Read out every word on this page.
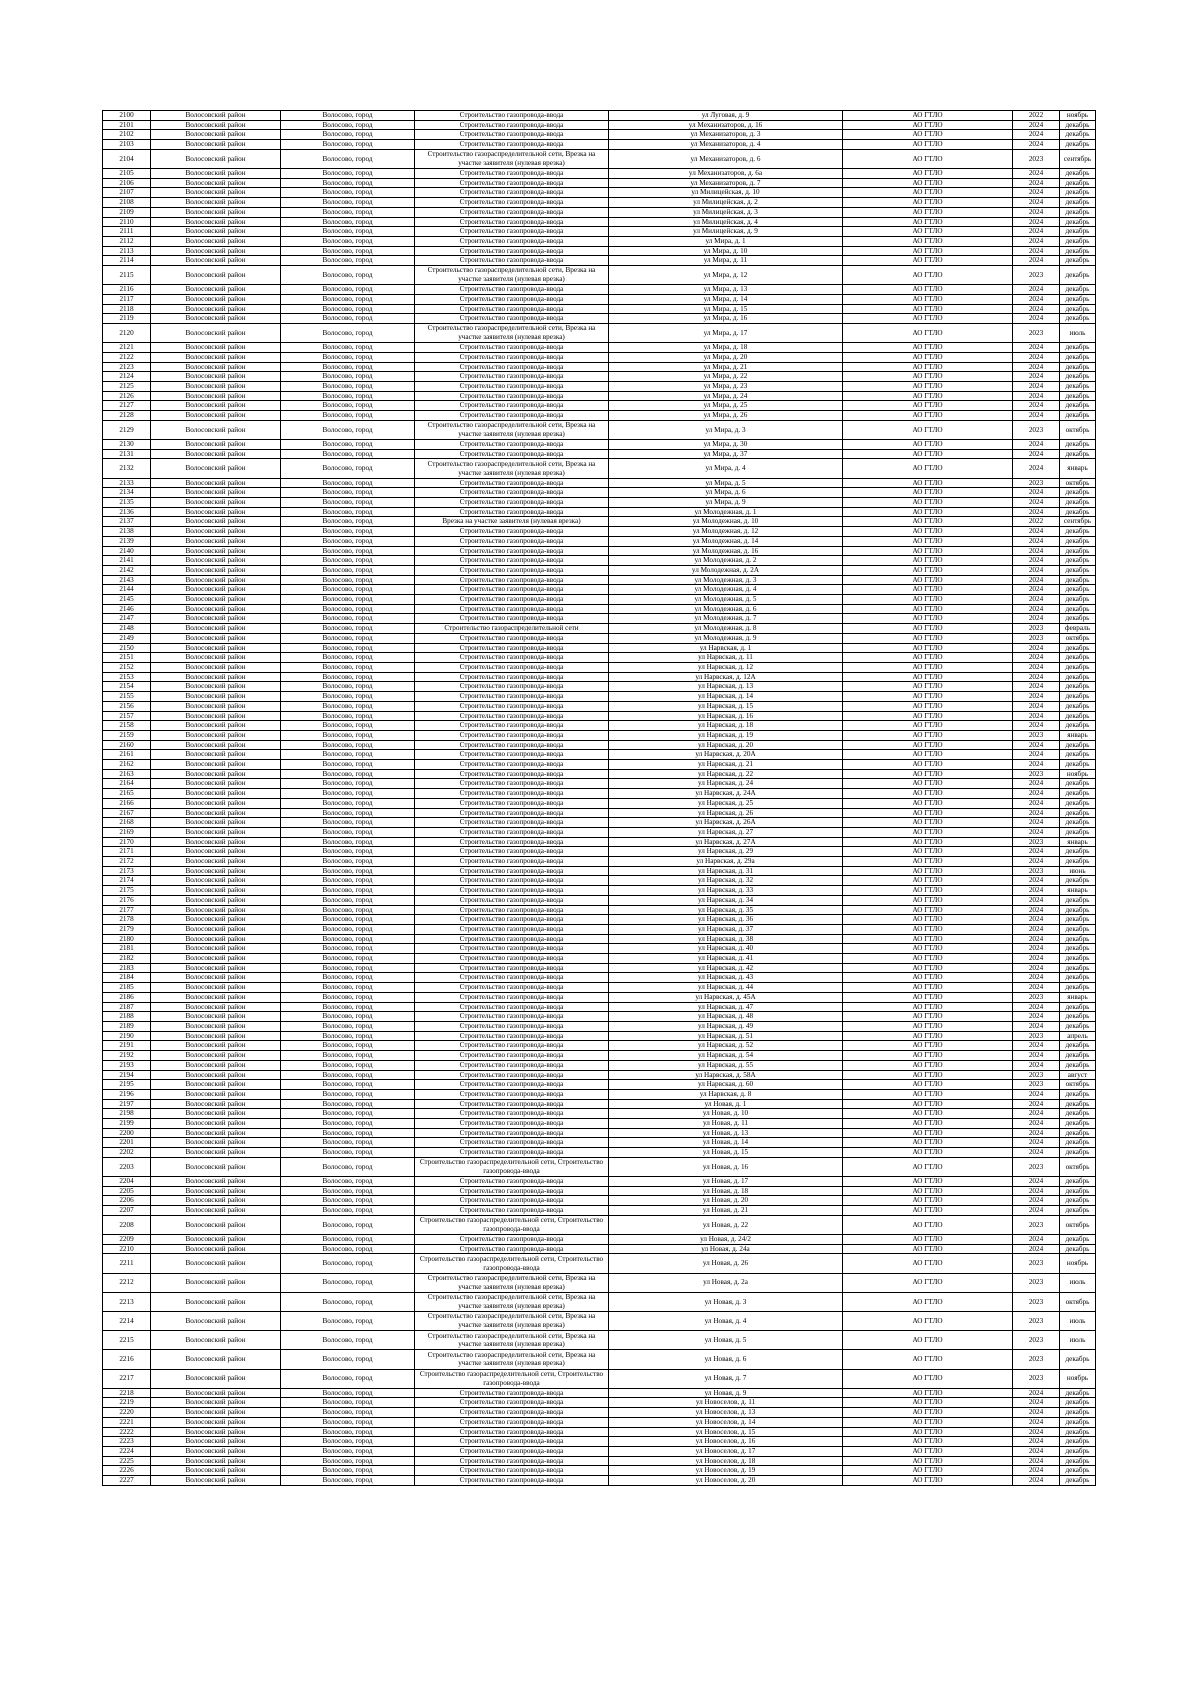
2100	Волосовский район	Волосово, город	Строительство газопровода-ввода	ул Луговая, д. 9	АО ГТЛО	2022	ноябрь
2101	Волосовский район	Волосово, город	Строительство газопровода-ввода	ул Механизаторов, д. 16	АО ГТЛО	2024	декабрь
2102	Волосовский район	Волосово, город	Строительство газопровода-ввода	ул Механизаторов, д. 3	АО ГТЛО	2024	декабрь
2103	Волосовский район	Волосово, город	Строительство газопровода-ввода	ул Механизаторов, д. 4	АО ГТЛО	2024	декабрь
2104	Волосовский район	Волосово, город	Строительство газораспределительной сети, Врезка на участке заявителя (нулевая врезка)	ул Механизаторов, д. 6	АО ГТЛО	2023	сентябрь
2105	Волосовский район	Волосово, город	Строительство газопровода-ввода	ул Механизаторов, д. 6а	АО ГТЛО	2024	декабрь
2106	Волосовский район	Волосово, город	Строительство газопровода-ввода	ул Механизаторов, д. 7	АО ГТЛО	2024	декабрь
2107	Волосовский район	Волосово, город	Строительство газопровода-ввода	ул Милицейская, д. 10	АО ГТЛО	2024	декабрь
2108	Волосовский район	Волосово, город	Строительство газопровода-ввода	ул Милицейская, д. 2	АО ГТЛО	2024	декабрь
2109	Волосовский район	Волосово, город	Строительство газопровода-ввода	ул Милицейская, д. 3	АО ГТЛО	2024	декабрь
2110	Волосовский район	Волосово, город	Строительство газопровода-ввода	ул Милицейская, д. 4	АО ГТЛО	2024	декабрь
2111	Волосовский район	Волосово, город	Строительство газопровода-ввода	ул Милицейская, д. 9	АО ГТЛО	2024	декабрь
2112	Волосовский район	Волосово, город	Строительство газопровода-ввода	ул Мира, д. 1	АО ГТЛО	2024	декабрь
2113	Волосовский район	Волосово, город	Строительство газопровода-ввода	ул Мира, д. 10	АО ГТЛО	2024	декабрь
2114	Волосовский район	Волосово, город	Строительство газопровода-ввода	ул Мира, д. 11	АО ГТЛО	2024	декабрь
2115	Волосовский район	Волосово, город	Строительство газораспределительной сети, Врезка на участке заявителя (нулевая врезка)	ул Мира, д. 12	АО ГТЛО	2023	декабрь
2116	Волосовский район	Волосово, город	Строительство газопровода-ввода	ул Мира, д. 13	АО ГТЛО	2024	декабрь
2117	Волосовский район	Волосово, город	Строительство газопровода-ввода	ул Мира, д. 14	АО ГТЛО	2024	декабрь
2118	Волосовский район	Волосово, город	Строительство газопровода-ввода	ул Мира, д. 15	АО ГТЛО	2024	декабрь
2119	Волосовский район	Волосово, город	Строительство газопровода-ввода	ул Мира, д. 16	АО ГТЛО	2024	декабрь
2120	Волосовский район	Волосово, город	Строительство газораспределительной сети, Врезка на участке заявителя (нулевая врезка)	ул Мира, д. 17	АО ГТЛО	2023	июль
2121	Волосовский район	Волосово, город	Строительство газопровода-ввода	ул Мира, д. 18	АО ГТЛО	2024	декабрь
2122	Волосовский район	Волосово, город	Строительство газопровода-ввода	ул Мира, д. 20	АО ГТЛО	2024	декабрь
2123	Волосовский район	Волосово, город	Строительство газопровода-ввода	ул Мира, д. 21	АО ГТЛО	2024	декабрь
2124	Волосовский район	Волосово, город	Строительство газопровода-ввода	ул Мира, д. 22	АО ГТЛО	2024	декабрь
2125	Волосовский район	Волосово, город	Строительство газопровода-ввода	ул Мира, д. 23	АО ГТЛО	2024	декабрь
2126	Волосовский район	Волосово, город	Строительство газопровода-ввода	ул Мира, д. 24	АО ГТЛО	2024	декабрь
2127	Волосовский район	Волосово, город	Строительство газопровода-ввода	ул Мира, д. 25	АО ГТЛО	2024	декабрь
2128	Волосовский район	Волосово, город	Строительство газопровода-ввода	ул Мира, д. 26	АО ГТЛО	2024	декабрь
2129	Волосовский район	Волосово, город	Строительство газораспределительной сети, Врезка на участке заявителя (нулевая врезка)	ул Мира, д. 3	АО ГТЛО	2023	октябрь
2130	Волосовский район	Волосово, город	Строительство газопровода-ввода	ул Мира, д. 30	АО ГТЛО	2024	декабрь
2131	Волосовский район	Волосово, город	Строительство газопровода-ввода	ул Мира, д. 37	АО ГТЛО	2024	декабрь
2132	Волосовский район	Волосово, город	Строительство газораспределительной сети, Врезка на участке заявителя (нулевая врезка)	ул Мира, д. 4	АО ГТЛО	2024	январь
2133	Волосовский район	Волосово, город	Строительство газопровода-ввода	ул Мира, д. 5	АО ГТЛО	2023	октябрь
2134	Волосовский район	Волосово, город	Строительство газопровода-ввода	ул Мира, д. 6	АО ГТЛО	2024	декабрь
2135	Волосовский район	Волосово, город	Строительство газопровода-ввода	ул Мира, д. 9	АО ГТЛО	2024	декабрь
2136	Волосовский район	Волосово, город	Строительство газопровода-ввода	ул Молодежная, д. 1	АО ГТЛО	2024	декабрь
2137	Волосовский район	Волосово, город	Врезка на участке заявителя (нулевая врезка)	ул Молодежная, д. 10	АО ГТЛО	2022	сентябрь
2138	Волосовский район	Волосово, город	Строительство газопровода-ввода	ул Молодежная, д. 12	АО ГТЛО	2024	декабрь
2139	Волосовский район	Волосово, город	Строительство газопровода-ввода	ул Молодежная, д. 14	АО ГТЛО	2024	декабрь
2140	Волосовский район	Волосово, город	Строительство газопровода-ввода	ул Молодежная, д. 16	АО ГТЛО	2024	декабрь
2141	Волосовский район	Волосово, город	Строительство газопровода-ввода	ул Молодежная, д. 2	АО ГТЛО	2024	декабрь
2142	Волосовский район	Волосово, город	Строительство газопровода-ввода	ул Молодежная, д. 2А	АО ГТЛО	2024	декабрь
2143	Волосовский район	Волосово, город	Строительство газопровода-ввода	ул Молодежная, д. 3	АО ГТЛО	2024	декабрь
2144	Волосовский район	Волосово, город	Строительство газопровода-ввода	ул Молодежная, д. 4	АО ГТЛО	2024	декабрь
2145	Волосовский район	Волосово, город	Строительство газопровода-ввода	ул Молодежная, д. 5	АО ГТЛО	2024	декабрь
2146	Волосовский район	Волосово, город	Строительство газопровода-ввода	ул Молодежная, д. 6	АО ГТЛО	2024	декабрь
2147	Волосовский район	Волосово, город	Строительство газопровода-ввода	ул Молодежная, д. 7	АО ГТЛО	2024	декабрь
2148	Волосовский район	Волосово, город	Строительство газораспределительной сети	ул Молодежная, д. 8	АО ГТЛО	2023	февраль
2149	Волосовский район	Волосово, город	Строительство газопровода-ввода	ул Молодежная, д. 9	АО ГТЛО	2023	октябрь
2150	Волосовский район	Волосово, город	Строительство газопровода-ввода	ул Нарвская, д. 1	АО ГТЛО	2024	декабрь
2151	Волосовский район	Волосово, город	Строительство газопровода-ввода	ул Нарвская, д. 11	АО ГТЛО	2024	декабрь
2152	Волосовский район	Волосово, город	Строительство газопровода-ввода	ул Нарвская, д. 12	АО ГТЛО	2024	декабрь
2153	Волосовский район	Волосово, город	Строительство газопровода-ввода	ул Нарвская, д. 12А	АО ГТЛО	2024	декабрь
2154	Волосовский район	Волосово, город	Строительство газопровода-ввода	ул Нарвская, д. 13	АО ГТЛО	2024	декабрь
2155	Волосовский район	Волосово, город	Строительство газопровода-ввода	ул Нарвская, д. 14	АО ГТЛО	2024	декабрь
2156	Волосовский район	Волосово, город	Строительство газопровода-ввода	ул Нарвская, д. 15	АО ГТЛО	2024	декабрь
2157	Волосовский район	Волосово, город	Строительство газопровода-ввода	ул Нарвская, д. 16	АО ГТЛО	2024	декабрь
2158	Волосовский район	Волосово, город	Строительство газопровода-ввода	ул Нарвская, д. 18	АО ГТЛО	2024	декабрь
2159	Волосовский район	Волосово, город	Строительство газопровода-ввода	ул Нарвская, д. 19	АО ГТЛО	2023	январь
2160	Волосовский район	Волосово, город	Строительство газопровода-ввода	ул Нарвская, д. 20	АО ГТЛО	2024	декабрь
2161	Волосовский район	Волосово, город	Строительство газопровода-ввода	ул Нарвская, д. 20А	АО ГТЛО	2024	декабрь
2162	Волосовский район	Волосово, город	Строительство газопровода-ввода	ул Нарвская, д. 21	АО ГТЛО	2024	декабрь
2163	Волосовский район	Волосово, город	Строительство газопровода-ввода	ул Нарвская, д. 22	АО ГТЛО	2023	ноябрь
2164	Волосовский район	Волосово, город	Строительство газопровода-ввода	ул Нарвская, д. 24	АО ГТЛО	2024	декабрь
2165	Волосовский район	Волосово, город	Строительство газопровода-ввода	ул Нарвская, д. 24А	АО ГТЛО	2024	декабрь
2166	Волосовский район	Волосово, город	Строительство газопровода-ввода	ул Нарвская, д. 25	АО ГТЛО	2024	декабрь
2167	Волосовский район	Волосово, город	Строительство газопровода-ввода	ул Нарвская, д. 26	АО ГТЛО	2024	декабрь
2168	Волосовский район	Волосово, город	Строительство газопровода-ввода	ул Нарвская, д. 26А	АО ГТЛО	2024	декабрь
2169	Волосовский район	Волосово, город	Строительство газопровода-ввода	ул Нарвская, д. 27	АО ГТЛО	2024	декабрь
2170	Волосовский район	Волосово, город	Строительство газопровода-ввода	ул Нарвская, д. 27А	АО ГТЛО	2023	январь
2171	Волосовский район	Волосово, город	Строительство газопровода-ввода	ул Нарвская, д. 29	АО ГТЛО	2024	декабрь
2172	Волосовский район	Волосово, город	Строительство газопровода-ввода	ул Нарвская, д. 29а	АО ГТЛО	2024	декабрь
2173	Волосовский район	Волосово, город	Строительство газопровода-ввода	ул Нарвская, д. 31	АО ГТЛО	2023	июнь
2174	Волосовский район	Волосово, город	Строительство газопровода-ввода	ул Нарвская, д. 32	АО ГТЛО	2024	декабрь
2175	Волосовский район	Волосово, город	Строительство газопровода-ввода	ул Нарвская, д. 33	АО ГТЛО	2024	январь
2176	Волосовский район	Волосово, город	Строительство газопровода-ввода	ул Нарвская, д. 34	АО ГТЛО	2024	декабрь
2177	Волосовский район	Волосово, город	Строительство газопровода-ввода	ул Нарвская, д. 35	АО ГТЛО	2024	декабрь
2178	Волосовский район	Волосово, город	Строительство газопровода-ввода	ул Нарвская, д. 36	АО ГТЛО	2024	декабрь
2179	Волосовский район	Волосово, город	Строительство газопровода-ввода	ул Нарвская, д. 37	АО ГТЛО	2024	декабрь
2180	Волосовский район	Волосово, город	Строительство газопровода-ввода	ул Нарвская, д. 38	АО ГТЛО	2024	декабрь
2181	Волосовский район	Волосово, город	Строительство газопровода-ввода	ул Нарвская, д. 40	АО ГТЛО	2024	декабрь
2182	Волосовский район	Волосово, город	Строительство газопровода-ввода	ул Нарвская, д. 41	АО ГТЛО	2024	декабрь
2183	Волосовский район	Волосово, город	Строительство газопровода-ввода	ул Нарвская, д. 42	АО ГТЛО	2024	декабрь
2184	Волосовский район	Волосово, город	Строительство газопровода-ввода	ул Нарвская, д. 43	АО ГТЛО	2024	декабрь
2185	Волосовский район	Волосово, город	Строительство газопровода-ввода	ул Нарвская, д. 44	АО ГТЛО	2024	декабрь
2186	Волосовский район	Волосово, город	Строительство газопровода-ввода	ул Нарвская, д. 45А	АО ГТЛО	2023	январь
2187	Волосовский район	Волосово, город	Строительство газопровода-ввода	ул Нарвская, д. 47	АО ГТЛО	2024	декабрь
2188	Волосовский район	Волосово, город	Строительство газопровода-ввода	ул Нарвская, д. 48	АО ГТЛО	2024	декабрь
2189	Волосовский район	Волосово, город	Строительство газопровода-ввода	ул Нарвская, д. 49	АО ГТЛО	2024	декабрь
2190	Волосовский район	Волосово, город	Строительство газопровода-ввода	ул Нарвская, д. 51	АО ГТЛО	2023	апрель
2191	Волосовский район	Волосово, город	Строительство газопровода-ввода	ул Нарвская, д. 52	АО ГТЛО	2024	декабрь
2192	Волосовский район	Волосово, город	Строительство газопровода-ввода	ул Нарвская, д. 54	АО ГТЛО	2024	декабрь
2193	Волосовский район	Волосово, город	Строительство газопровода-ввода	ул Нарвская, д. 55	АО ГТЛО	2024	декабрь
2194	Волосовский район	Волосово, город	Строительство газопровода-ввода	ул Нарвская, д. 58А	АО ГТЛО	2023	август
2195	Волосовский район	Волосово, город	Строительство газопровода-ввода	ул Нарвская, д. 60	АО ГТЛО	2023	октябрь
2196	Волосовский район	Волосово, город	Строительство газопровода-ввода	ул Нарвская, д. 8	АО ГТЛО	2024	декабрь
2197	Волосовский район	Волосово, город	Строительство газопровода-ввода	ул Новая, д. 1	АО ГТЛО	2024	декабрь
2198	Волосовский район	Волосово, город	Строительство газопровода-ввода	ул Новая, д. 10	АО ГТЛО	2024	декабрь
2199	Волосовский район	Волосово, город	Строительство газопровода-ввода	ул Новая, д. 11	АО ГТЛО	2024	декабрь
2200	Волосовский район	Волосово, город	Строительство газопровода-ввода	ул Новая, д. 13	АО ГТЛО	2024	декабрь
2201	Волосовский район	Волосово, город	Строительство газопровода-ввода	ул Новая, д. 14	АО ГТЛО	2024	декабрь
2202	Волосовский район	Волосово, город	Строительство газопровода-ввода	ул Новая, д. 15	АО ГТЛО	2024	декабрь
2203	Волосовский район	Волосово, город	Строительство газораспределительной сети, Строительство газопровода-ввода	ул Новая, д. 16	АО ГТЛО	2023	октябрь
2204	Волосовский район	Волосово, город	Строительство газопровода-ввода	ул Новая, д. 17	АО ГТЛО	2024	декабрь
2205	Волосовский район	Волосово, город	Строительство газопровода-ввода	ул Новая, д. 18	АО ГТЛО	2024	декабрь
2206	Волосовский район	Волосово, город	Строительство газопровода-ввода	ул Новая, д. 20	АО ГТЛО	2024	декабрь
2207	Волосовский район	Волосово, город	Строительство газопровода-ввода	ул Новая, д. 21	АО ГТЛО	2024	декабрь
2208	Волосовский район	Волосово, город	Строительство газораспределительной сети, Строительство газопровода-ввода	ул Новая, д. 22	АО ГТЛО	2023	октябрь
2209	Волосовский район	Волосово, город	Строительство газопровода-ввода	ул Новая, д. 24/2	АО ГТЛО	2024	декабрь
2210	Волосовский район	Волосово, город	Строительство газопровода-ввода	ул Новая, д. 24а	АО ГТЛО	2024	декабрь
2211	Волосовский район	Волосово, город	Строительство газораспределительной сети, Строительство газопровода-ввода	ул Новая, д. 26	АО ГТЛО	2023	ноябрь
2212	Волосовский район	Волосово, город	Строительство газораспределительной сети, Врезка на участке заявителя (нулевая врезка)	ул Новая, д. 2а	АО ГТЛО	2023	июль
2213	Волосовский район	Волосово, город	Строительство газораспределительной сети, Врезка на участке заявителя (нулевая врезка)	ул Новая, д. 3	АО ГТЛО	2023	октябрь
2214	Волосовский район	Волосово, город	Строительство газораспределительной сети, Врезка на участке заявителя (нулевая врезка)	ул Новая, д. 4	АО ГТЛО	2023	июль
2215	Волосовский район	Волосово, город	Строительство газораспределительной сети, Врезка на участке заявителя (нулевая врезка)	ул Новая, д. 5	АО ГТЛО	2023	июль
2216	Волосовский район	Волосово, город	Строительство газораспределительной сети, Врезка на участке заявителя (нулевая врезка)	ул Новая, д. 6	АО ГТЛО	2023	декабрь
2217	Волосовский район	Волосово, город	Строительство газораспределительной сети, Строительство газопровода-ввода	ул Новая, д. 7	АО ГТЛО	2023	ноябрь
2218	Волосовский район	Волосово, город	Строительство газопровода-ввода	ул Новая, д. 9	АО ГТЛО	2024	декабрь
2219	Волосовский район	Волосово, город	Строительство газопровода-ввода	ул Новоселов, д. 11	АО ГТЛО	2024	декабрь
2220	Волосовский район	Волосово, город	Строительство газопровода-ввода	ул Новоселов, д. 13	АО ГТЛО	2024	декабрь
2221	Волосовский район	Волосово, город	Строительство газопровода-ввода	ул Новоселов, д. 14	АО ГТЛО	2024	декабрь
2222	Волосовский район	Волосово, город	Строительство газопровода-ввода	ул Новоселов, д. 15	АО ГТЛО	2024	декабрь
2223	Волосовский район	Волосово, город	Строительство газопровода-ввода	ул Новоселов, д. 16	АО ГТЛО	2024	декабрь
2224	Волосовский район	Волосово, город	Строительство газопровода-ввода	ул Новоселов, д. 17	АО ГТЛО	2024	декабрь
2225	Волосовский район	Волосово, город	Строительство газопровода-ввода	ул Новоселов, д. 18	АО ГТЛО	2024	декабрь
2226	Волосовский район	Волосово, город	Строительство газопровода-ввода	ул Новоселов, д. 19	АО ГТЛО	2024	декабрь
2227	Волосовский район	Волосово, город	Строительство газопровода-ввода	ул Новоселов, д. 20	АО ГТЛО	2024	декабрь
